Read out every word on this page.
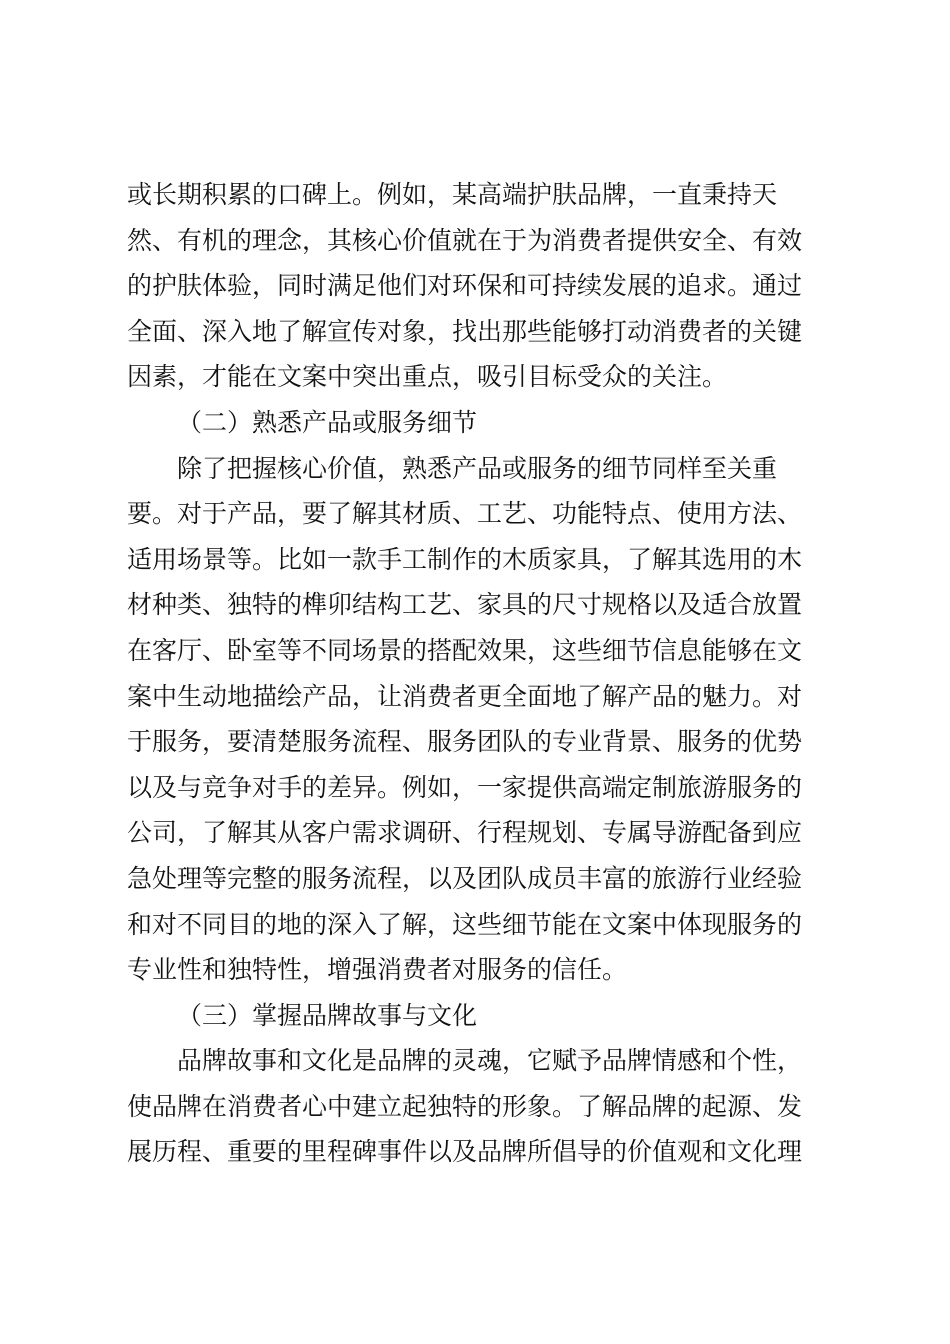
或长期积累的口碑上。例如，某高端护肤品牌，一直秉持天
然、有机的理念，其核心价值就在于为消费者提供安全、有效
的护肤体验，同时满足他们对环保和可持续发展的追求。通过
全面、深入地了解宣传对象，找出那些能够打动消费者的关键
因素，才能在文案中突出重点，吸引目标受众的关注。
（二）熟悉产品或服务细节
除了把握核心价值，熟悉产品或服务的细节同样至关重
要。对于产品，要了解其材质、工艺、功能特点、使用方法、
适用场景等。比如一款手工制作的木质家具，了解其选用的木
材种类、独特的榫卯结构工艺、家具的尺寸规格以及适合放置
在客厅、卧室等不同场景的搭配效果，这些细节信息能够在文
案中生动地描绘产品，让消费者更全面地了解产品的魅力。对
于服务，要清楚服务流程、服务团队的专业背景、服务的优势
以及与竞争对手的差异。例如，一家提供高端定制旅游服务的
公司，了解其从客户需求调研、行程规划、专属导游配备到应
急处理等完整的服务流程，以及团队成员丰富的旅游行业经验
和对不同目的地的深入了解，这些细节能在文案中体现服务的
专业性和独特性，增强消费者对服务的信任。
（三）掌握品牌故事与文化
品牌故事和文化是品牌的灵魂，它赋予品牌情感和个性，
使品牌在消费者心中建立起独特的形象。了解品牌的起源、发
展历程、重要的里程碑事件以及品牌所倡导的价值观和文化理
